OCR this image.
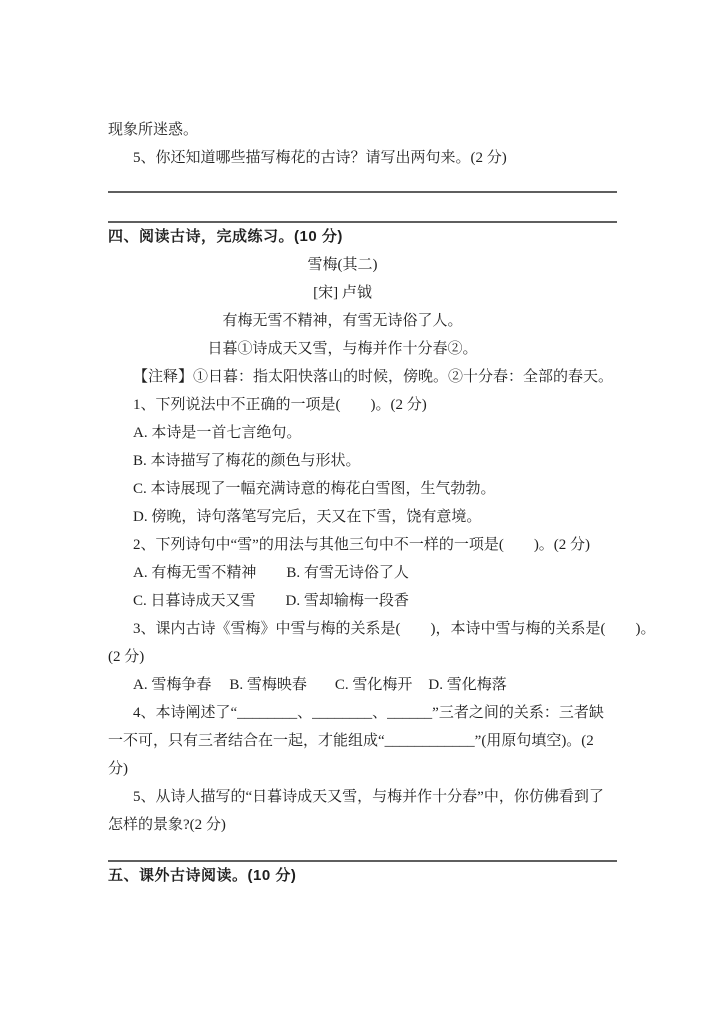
现象所迷惑。

5、你还知道哪些描写梅花的古诗？请写出两句来。(2 分)

四、阅读古诗，完成练习。(10 分)

雪梅(其二)

[宋] 卢钺

有梅无雪不精神，有雪无诗俗了人。

日暮①诗成天又雪，与梅并作十分春②。

【注释】①日暮：指太阳快落山的时候，傍晚。②十分春：全部的春天。

1、下列说法中不正确的一项是(　　)。(2 分)

A. 本诗是一首七言绝句。

B. 本诗描写了梅花的颜色与形状。

C. 本诗展现了一幅充满诗意的梅花白雪图，生气勃勃。

D. 傍晚，诗句落笔写完后，天又在下雪，饶有意境。

2、下列诗句中“雪”的用法与其他三句中不一样的一项是(　　)。(2 分)

A. 有梅无雪不精神 B. 有雪无诗俗了人

C. 日暮诗成天又雪 D. 雪却输梅一段香

3、课内古诗《雪梅》中雪与梅的关系是(　　)，本诗中雪与梅的关系是(　　)。

(2 分)

A. 雪梅争春 B. 雪梅映春 C. 雪化梅开 D. 雪化梅落

4、本诗阐述了“________、________、______”三者之间的关系：三者缺

一不可，只有三者结合在一起，才能组成“____________”(用原句填空)。(2

分)

5、从诗人描写的“日暮诗成天又雪，与梅并作十分春”中，你仿佛看到了

怎样的景象?(2 分)

五、课外古诗阅读。(10 分)
